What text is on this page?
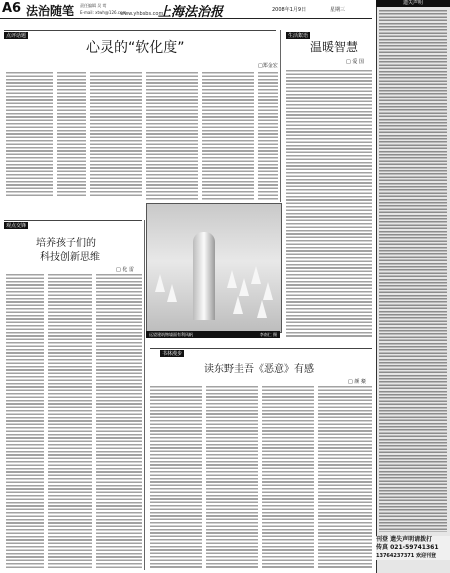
A6 法治随笔 责任编辑 吴 莺
E-mail: xtwh@126.com 上海法治报
www.yhbsbs.com
2008年1月9日	星期三
点评话题
心灵的“软化度”
□郑金宏
生活絮语
温暖智慧
□ 爱 国
观点交锋
培养孩子们的
科技创新思维
□ 化 雷
远望建筑物墙面有利风帆	李南仁 摄
书林漫步
读东野圭吾《恶意》有感
□ 颜 粲
遗失声明
刊登 遗失声明请拨打
传真 021-59741361
13764237371 欢迎刊登
